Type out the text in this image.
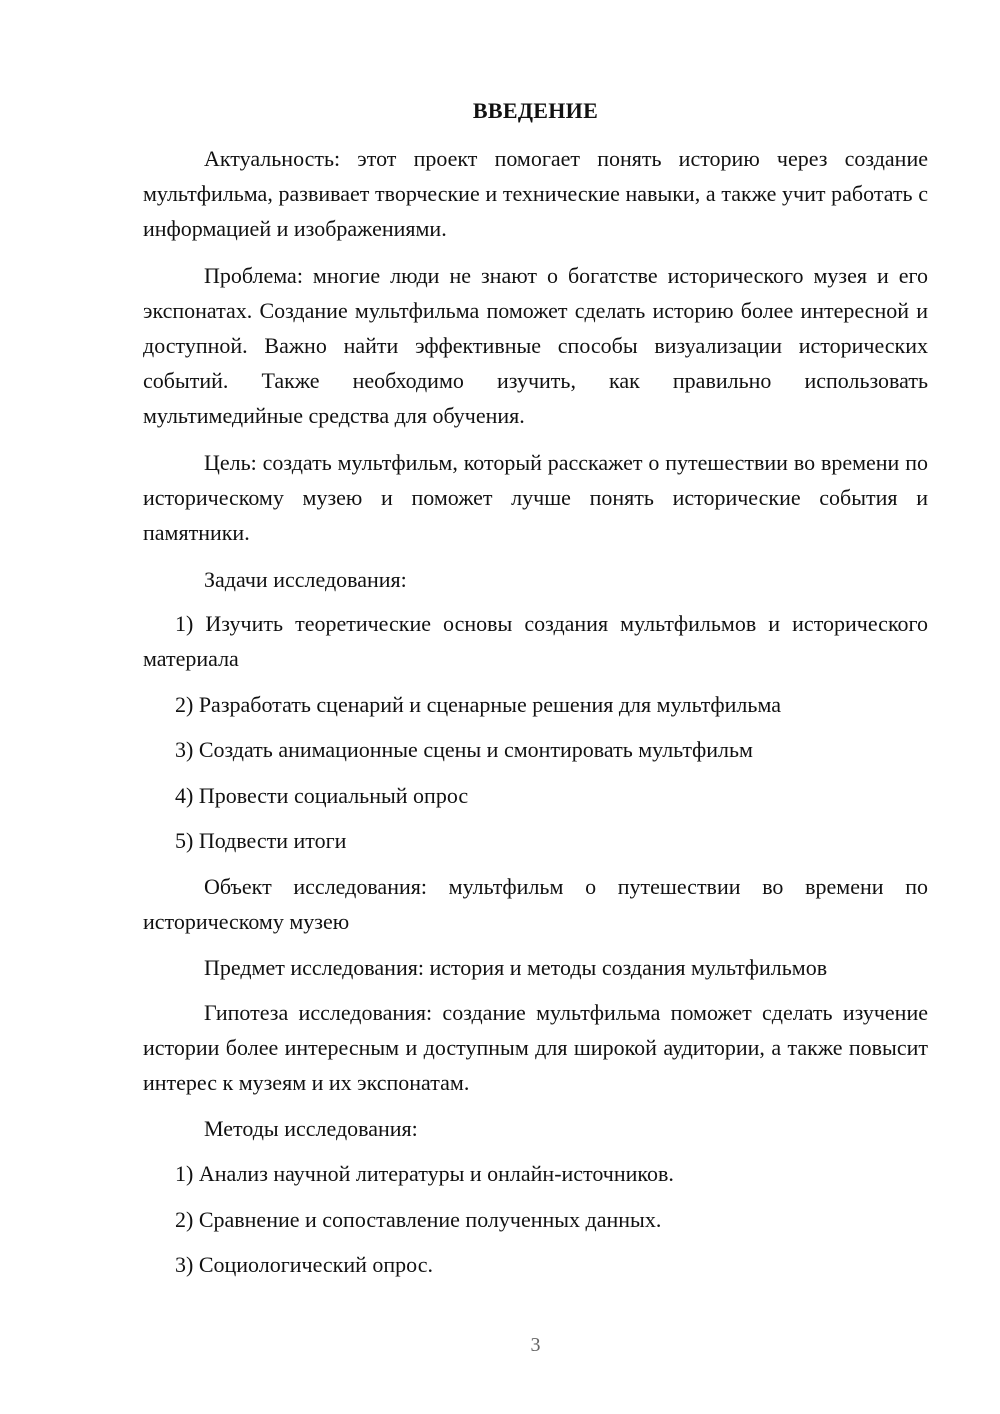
ВВЕДЕНИЕ

Актуальность: этот проект помогает понять историю через создание мультфильма, развивает творческие и технические навыки, а также учит работать с информацией и изображениями.

Проблема: многие люди не знают о богатстве исторического музея и его экспонатах. Создание мультфильма поможет сделать историю более интересной и доступной. Важно найти эффективные способы визуализации исторических событий. Также необходимо изучить, как правильно использовать мультимедийные средства для обучения.

Цель: создать мультфильм, который расскажет о путешествии во времени по историческому музею и поможет лучше понять исторические события и памятники.

Задачи исследования:

1) Изучить теоретические основы создания мультфильмов и исторического материала

2) Разработать сценарий и сценарные решения для мультфильма

3) Создать анимационные сцены и смонтировать мультфильм

4) Провести социальный опрос

5) Подвести итоги

Объект исследования: мультфильм о путешествии во времени по историческому музею

Предмет исследования: история и методы создания мультфильмов

Гипотеза исследования: создание мультфильма поможет сделать изучение истории более интересным и доступным для широкой аудитории, а также повысит интерес к музеям и их экспонатам.

Методы исследования:

1) Анализ научной литературы и онлайн-источников.

2) Сравнение и сопоставление полученных данных.

3) Социологический опрос.

3
